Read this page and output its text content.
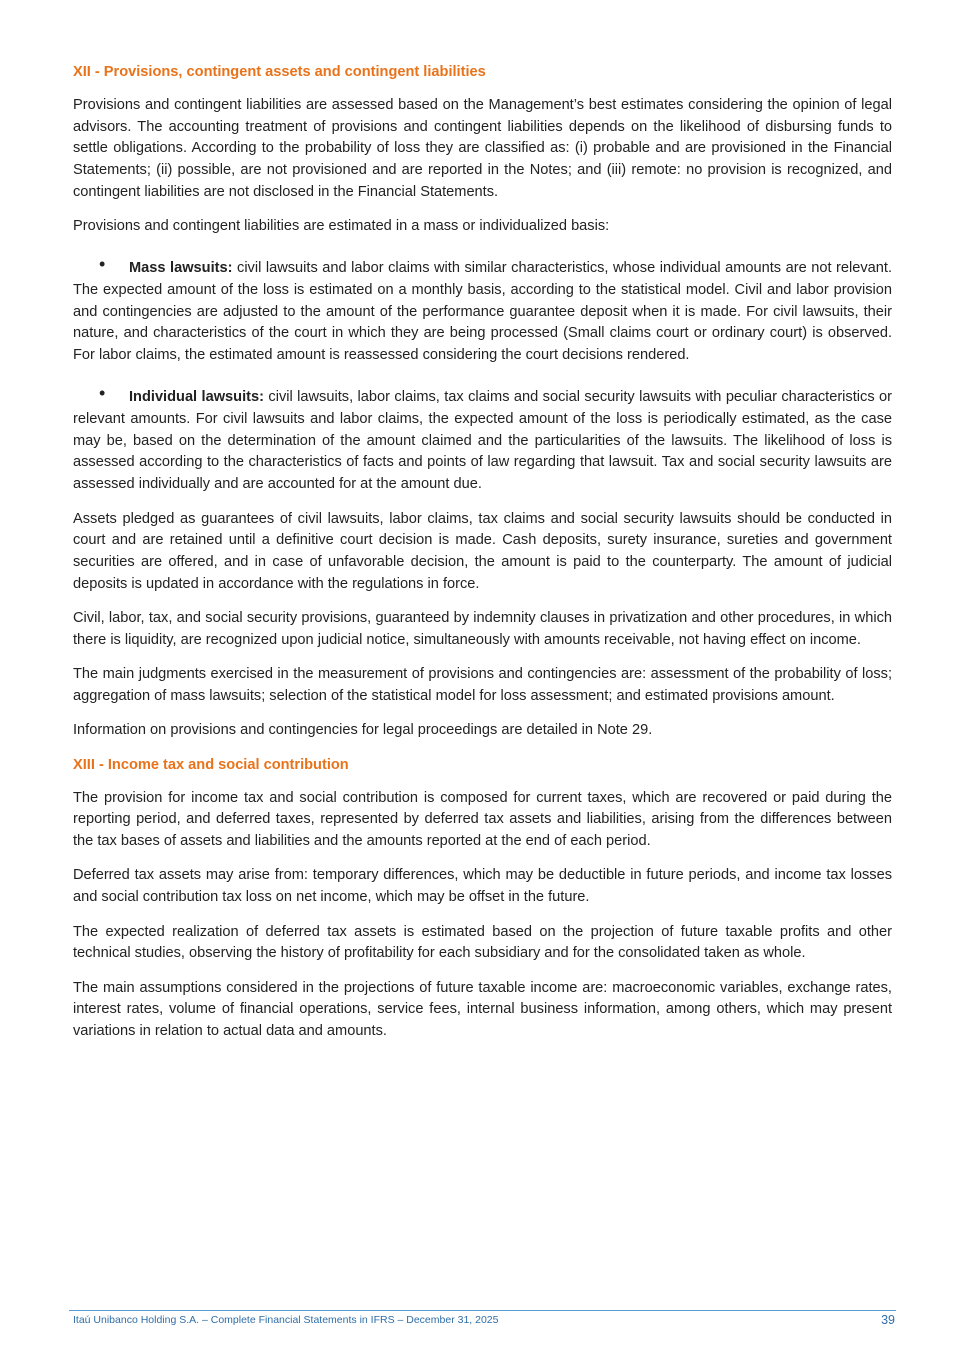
XII - Provisions, contingent assets and contingent liabilities

Provisions and contingent liabilities are assessed based on the Management’s best estimates considering the opinion of legal advisors. The accounting treatment of provisions and contingent liabilities depends on the likelihood of disbursing funds to settle obligations. According to the probability of loss they are classified as: (i) probable and are provisioned in the Financial Statements; (ii) possible, are not provisioned and are reported in the Notes; and (iii) remote: no provision is recognized, and contingent liabilities are not disclosed in the Financial Statements.

Provisions and contingent liabilities are estimated in a mass or individualized basis:

• Mass lawsuits: civil lawsuits and labor claims with similar characteristics, whose individual amounts are not relevant. The expected amount of the loss is estimated on a monthly basis, according to the statistical model. Civil and labor provision and contingencies are adjusted to the amount of the performance guarantee deposit when it is made. For civil lawsuits, their nature, and characteristics of the court in which they are being processed (Small claims court or ordinary court) is observed. For labor claims, the estimated amount is reassessed considering the court decisions rendered.

• Individual lawsuits: civil lawsuits, labor claims, tax claims and social security lawsuits with peculiar characteristics or relevant amounts. For civil lawsuits and labor claims, the expected amount of the loss is periodically estimated, as the case may be, based on the determination of the amount claimed and the particularities of the lawsuits. The likelihood of loss is assessed according to the characteristics of facts and points of law regarding that lawsuit. Tax and social security lawsuits are assessed individually and are accounted for at the amount due.

Assets pledged as guarantees of civil lawsuits, labor claims, tax claims and social security lawsuits should be conducted in court and are retained until a definitive court decision is made. Cash deposits, surety insurance, sureties and government securities are offered, and in case of unfavorable decision, the amount is paid to the counterparty. The amount of judicial deposits is updated in accordance with the regulations in force.

Civil, labor, tax, and social security provisions, guaranteed by indemnity clauses in privatization and other procedures, in which there is liquidity, are recognized upon judicial notice, simultaneously with amounts receivable, not having effect on income.

The main judgments exercised in the measurement of provisions and contingencies are: assessment of the probability of loss; aggregation of mass lawsuits; selection of the statistical model for loss assessment; and estimated provisions amount.

Information on provisions and contingencies for legal proceedings are detailed in Note 29.

XIII - Income tax and social contribution

The provision for income tax and social contribution is composed for current taxes, which are recovered or paid during the reporting period, and deferred taxes, represented by deferred tax assets and liabilities, arising from the differences between the tax bases of assets and liabilities and the amounts reported at the end of each period.

Deferred tax assets may arise from: temporary differences, which may be deductible in future periods, and income tax losses and social contribution tax loss on net income, which may be offset in the future.

The expected realization of deferred tax assets is estimated based on the projection of future taxable profits and other technical studies, observing the history of profitability for each subsidiary and for the consolidated taken as whole.

The main assumptions considered in the projections of future taxable income are: macroeconomic variables, exchange rates, interest rates, volume of financial operations, service fees, internal business information, among others, which may present variations in relation to actual data and amounts.

Itaú Unibanco Holding S.A. – Complete Financial Statements in IFRS – December 31, 2025	39
